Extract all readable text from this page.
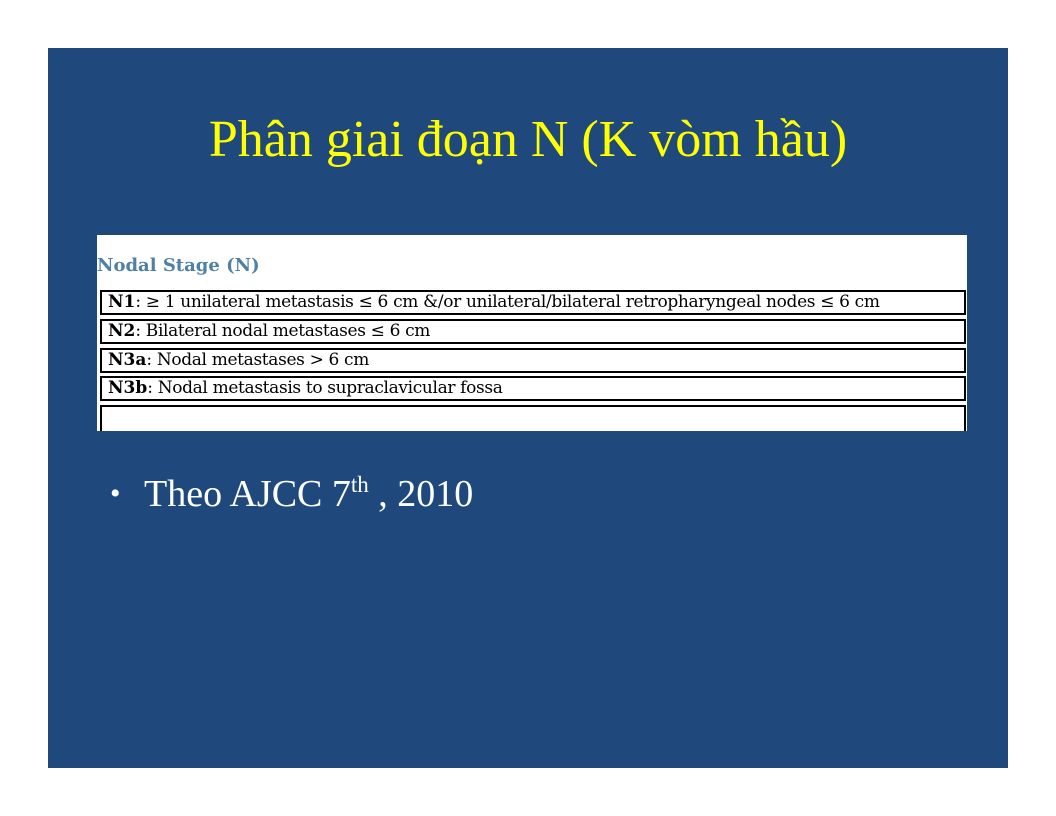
Phân giai đoạn N (K vòm hầu)
Nodal Stage (N)
N1: ≥ 1 unilateral metastasis ≤ 6 cm &/or unilateral/bilateral retropharyngeal nodes ≤ 6 cm
N2: Bilateral nodal metastases ≤ 6 cm
N3a: Nodal metastases > 6 cm
N3b: Nodal metastasis to supraclavicular fossa
• Theo AJCC 7th , 2010
